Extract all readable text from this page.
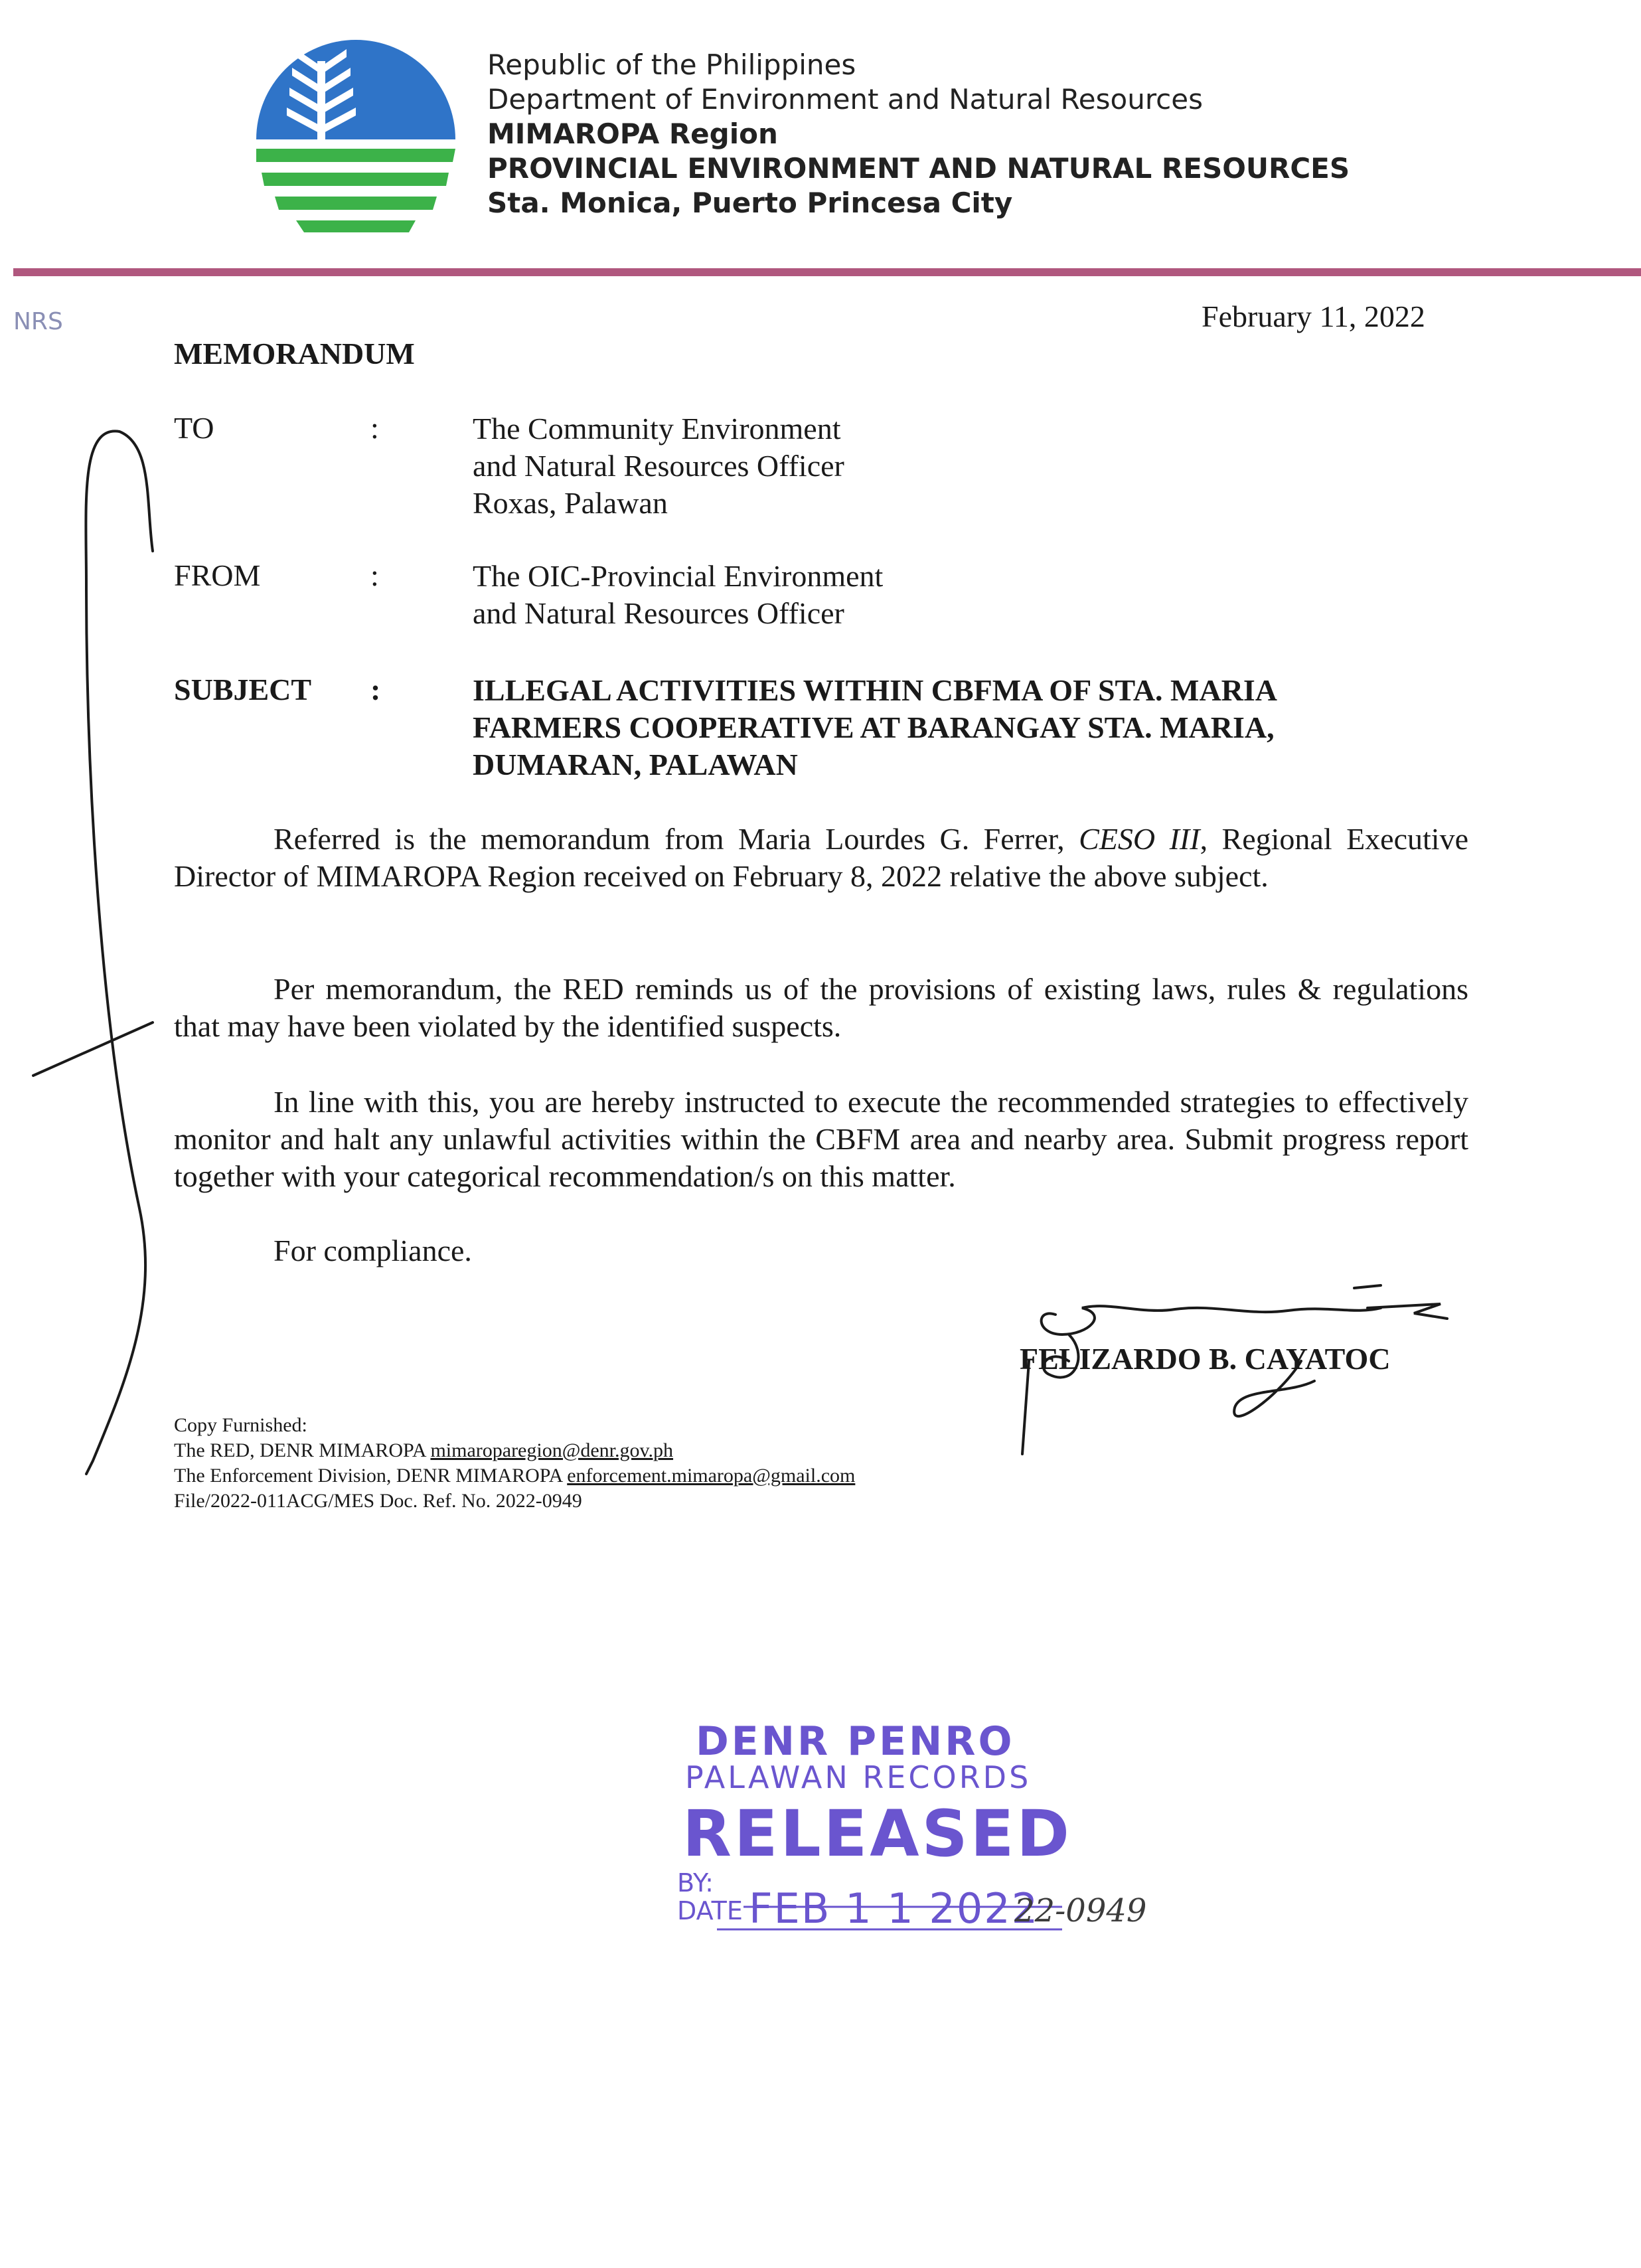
Republic of the Philippines
Department of Environment and Natural Resources
MIMAROPA Region
PROVINCIAL ENVIRONMENT AND NATURAL RESOURCES
Sta. Monica, Puerto Princesa City
NRS	February 11, 2022
MEMORANDUM
TO	:	The Community Environment
and Natural Resources Officer
Roxas, Palawan
FROM	:	The OIC-Provincial Environment
and Natural Resources Officer
SUBJECT :	ILLEGAL ACTIVITIES WITHIN CBFMA OF STA. MARIA
FARMERS COOPERATIVE AT BARANGAY STA. MARIA,
DUMARAN, PALAWAN

Referred is the memorandum from Maria Lourdes G. Ferrer, CESO III, Regional Executive Director of MIMAROPA Region received on February 8, 2022 relative the above subject.

Per memorandum, the RED reminds us of the provisions of existing laws, rules & regulations that may have been violated by the identified suspects.

In line with this, you are hereby instructed to execute the recommended strategies to effectively monitor and halt any unlawful activities within the CBFM area and nearby area. Submit progress report together with your categorical recommendation/s on this matter.

For compliance.

FELIZARDO B. CAYATOC
Copy Furnished:
The RED, DENR MIMAROPA mimaroparegion@denr.gov.ph
The Enforcement Division, DENR MIMAROPA enforcement.mimaropa@gmail.com
File/2022-011ACG/MES Doc. Ref. No. 2022-0949
DENR PENRO
PALAWAN RECORDS
RELEASED
BY:
DATE FEB 1 1 2022
22-0949
